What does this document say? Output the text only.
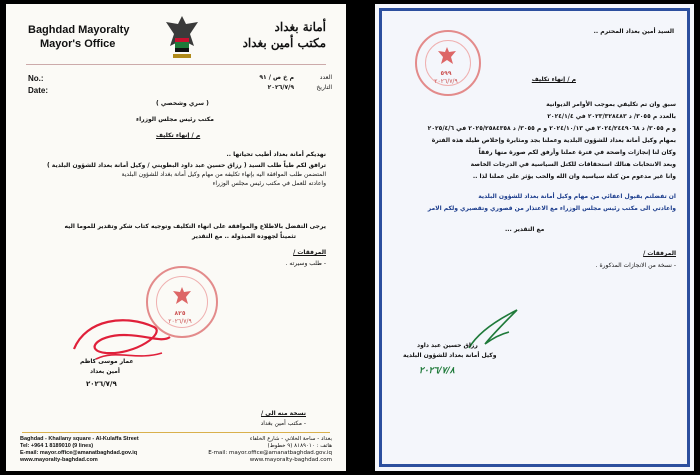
Baghdad Mayoralty
Mayor's Office
أمانة بغداد
مكتب أمين بغداد
No.:
Date:
العدد
م خ ص / ٩١
التاريخ
٢٠٢٦/٧/٩
( سري وشخصي )
مكتب رئيس مجلس الوزراء
م / إنهاء تكليف
نهديكم أمانة بغداد أطيب تحياتها ..
ترافق لكم طياً طلب السيد ( رزاق حسين عبد داود البطويني / وكيل أمانة بغداد للشؤون البلدية )
المتضمن طلب الموافقة اليه بإنهاء تكليفه من مهام وكيل أمانة بغداد للشؤون البلدية
واعادته للعمل في مكتب رئيس مجلس الوزراء
يرجى التفضل بالاطلاع والموافقة على انهاء التكليف وتوجيه كتاب شكر وتقدير للموما اليه
تثميناً لجهوده المبذولة .. مع التقدير
المرفقات /
- طلب وسيرته .
٨٢٥
٢٠٢٦/٧/٩
عمار موسى كاظم
أمين بغداد
٢٠٢٦/٧/٩
نسخة منه الى /
- مكتب أمين بغداد
Baghdad - Khailany square - Al-Kulaffa Street
Tel: +964 1 8189010 (9 lines)
E-mail: mayor.office@amanatbaghdad.gov.iq
www.mayoralty-baghdad.com
بغداد - ساحة الخلاني - شارع الخلفاء
هاتف : ٨١٨٩٠١٠ (٩ خطوط)
E-mail: mayor.office@amanatbaghdad.gov.iq
www.mayoralty-baghdad.com
السيد أمين بغداد المحترم ..
٥٩٩
٢٠٢٦/٧/٩	م / إنهاء تكليف
سبق وان تم تكليفي بموجب الأوامر الديوانية
بالعدد م ٣٠٥٥/ د ٢٠٢٣/٣٢٨٤٨٣ في ٢٠٢٤/١/٤
و م ٣٠٥٥/ د ٢٠٢٤/٢٤٤٩٠٦٨ في ٢٠٢٤/١٠/١٣ و م ٣٠٥٥/ د ٢٠٢٥/٢٥٨٤٣٥٨ في ٢٠٢٥/٤/٦
بمهام وكيل أمانة بغداد للشؤون البلدية وعملنا بجد ومثابرة وإخلاص طيلة هذه الفترة
وكان لنا إنجازات واضحة في فترة عملنا وأرفق لكم صورة منها رفقاً
وبعد الانتخابات هنالك استحقاقات للكتل السياسية في الدرجات الخاصة
وانا غير مدعوم من كتلة سياسية وان الله والحب يؤثر على عملنا لذا ..
ان تفضلتم بقبول اعفائي من مهام وكيل أمانة بغداد للشؤون البلدية
واعادتي الى مكتب رئيس مجلس الوزراء مع الاعتذار من قصوري وتقصيري ولكم الامر
... مع التقدير
المرفقات /
- نسخة من الانجازات المذكورة .
رزاق حسين عبد داود
وكيل أمانة بغداد للشؤون البلدية
٢٠٢٦/٧/٨
